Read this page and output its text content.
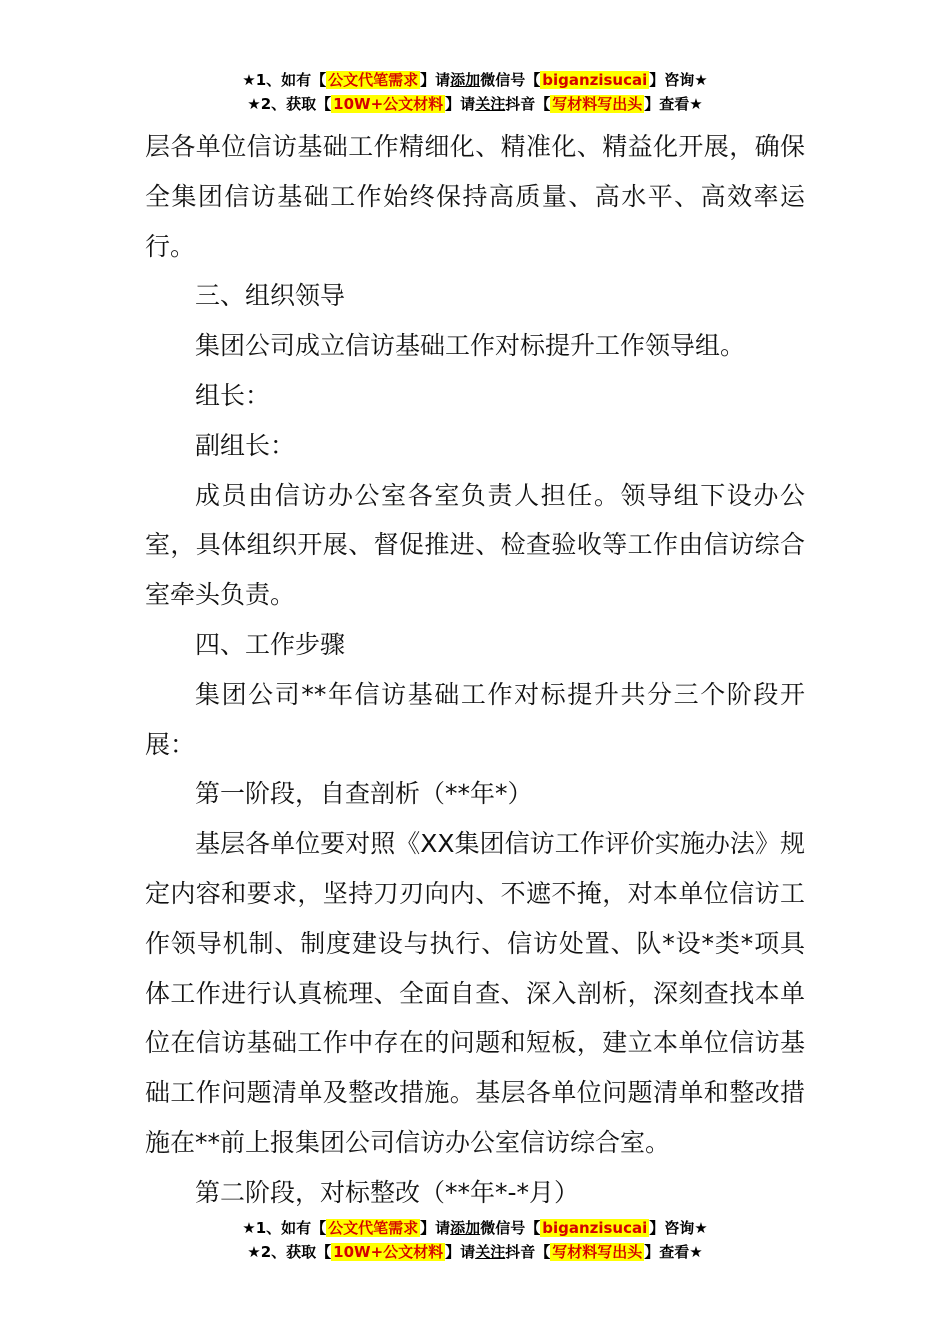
★1、如有【 公文代笔需求 】请添加微信号【 biganzisucai 】咨询★
★2、获取【 10W+公文材料 】请关注抖音【 写材料写出头 】查看★

层各单位信访基础工作精细化、精准化、精益化开展，确保全集团信访基础工作始终保持高质量、高水平、高效率运行。

三、组织领导

集团公司成立信访基础工作对标提升工作领导组。

组长：

副组长：

成员由信访办公室各室负责人担任。领导组下设办公室，具体组织开展、督促推进、检查验收等工作由信访综合室牵头负责。

四、工作步骤

集团公司**年信访基础工作对标提升共分三个阶段开展：

第一阶段，自查剖析（**年*）

基层各单位要对照《XX集团信访工作评价实施办法》规定内容和要求，坚持刀刃向内、不遮不掩，对本单位信访工作领导机制、制度建设与执行、信访处置、队*设*类*项具体工作进行认真梳理、全面自查、深入剖析，深刻查找本单位在信访基础工作中存在的问题和短板，建立本单位信访基础工作问题清单及整改措施。基层各单位问题清单和整改措施在**前上报集团公司信访办公室信访综合室。

第二阶段，对标整改（**年*-*月）

★1、如有【 公文代笔需求 】请添加微信号【 biganzisucai 】咨询★
★2、获取【 10W+公文材料 】请关注抖音【 写材料写出头 】查看★
